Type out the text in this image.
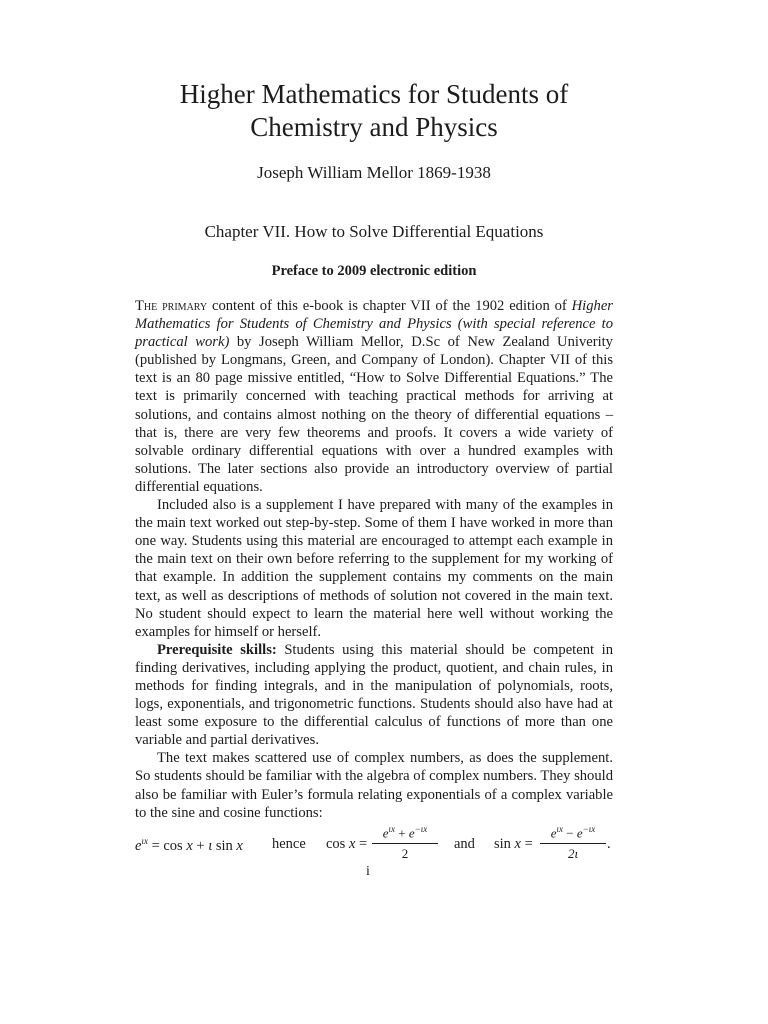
Higher Mathematics for Students of
Chemistry and Physics
Joseph William Mellor 1869-1938
Chapter VII. How to Solve Differential Equations
Preface to 2009 electronic edition

The primary content of this e-book is chapter VII of the 1902 edition of Higher Mathematics for Students of Chemistry and Physics (with special reference to practical work) by Joseph William Mellor, D.Sc of New Zealand Univerity (published by Longmans, Green, and Company of London). Chapter VII of this text is an 80 page missive entitled, “How to Solve Differential Equations.” The text is primarily concerned with teaching practical methods for arriving at solutions, and contains almost nothing on the theory of differential equations – that is, there are very few theorems and proofs. It covers a wide variety of solvable ordinary differential equations with over a hundred examples with solutions. The later sections also provide an introductory overview of partial differential equations.

Included also is a supplement I have prepared with many of the examples in the main text worked out step-by-step. Some of them I have worked in more than one way. Students using this material are encouraged to attempt each example in the main text on their own before referring to the supplement for my working of that example. In addition the supplement contains my comments on the main text, as well as descriptions of methods of solution not covered in the main text. No student should expect to learn the material here well without working the examples for himself or herself.

Prerequisite skills: Students using this material should be competent in finding derivatives, including applying the product, quotient, and chain rules, in methods for finding integrals, and in the manipulation of polynomials, roots, logs, exponentials, and trigonometric functions. Students should also have had at least some exposure to the differential calculus of functions of more than one variable and partial derivatives.

The text makes scattered use of complex numbers, as does the supplement. So students should be familiar with the algebra of complex numbers. They should also be familiar with Euler’s formula relating exponentials of a complex variable to the sine and cosine functions:

$e^{\iota x} = \cos x + \iota$ sin x hence cos x =
$e^{\iota x} + e^{-\iota x}$
2
and sin x =
$e^{\iota x} - e^{-\iota x}$
2ι
.
i
